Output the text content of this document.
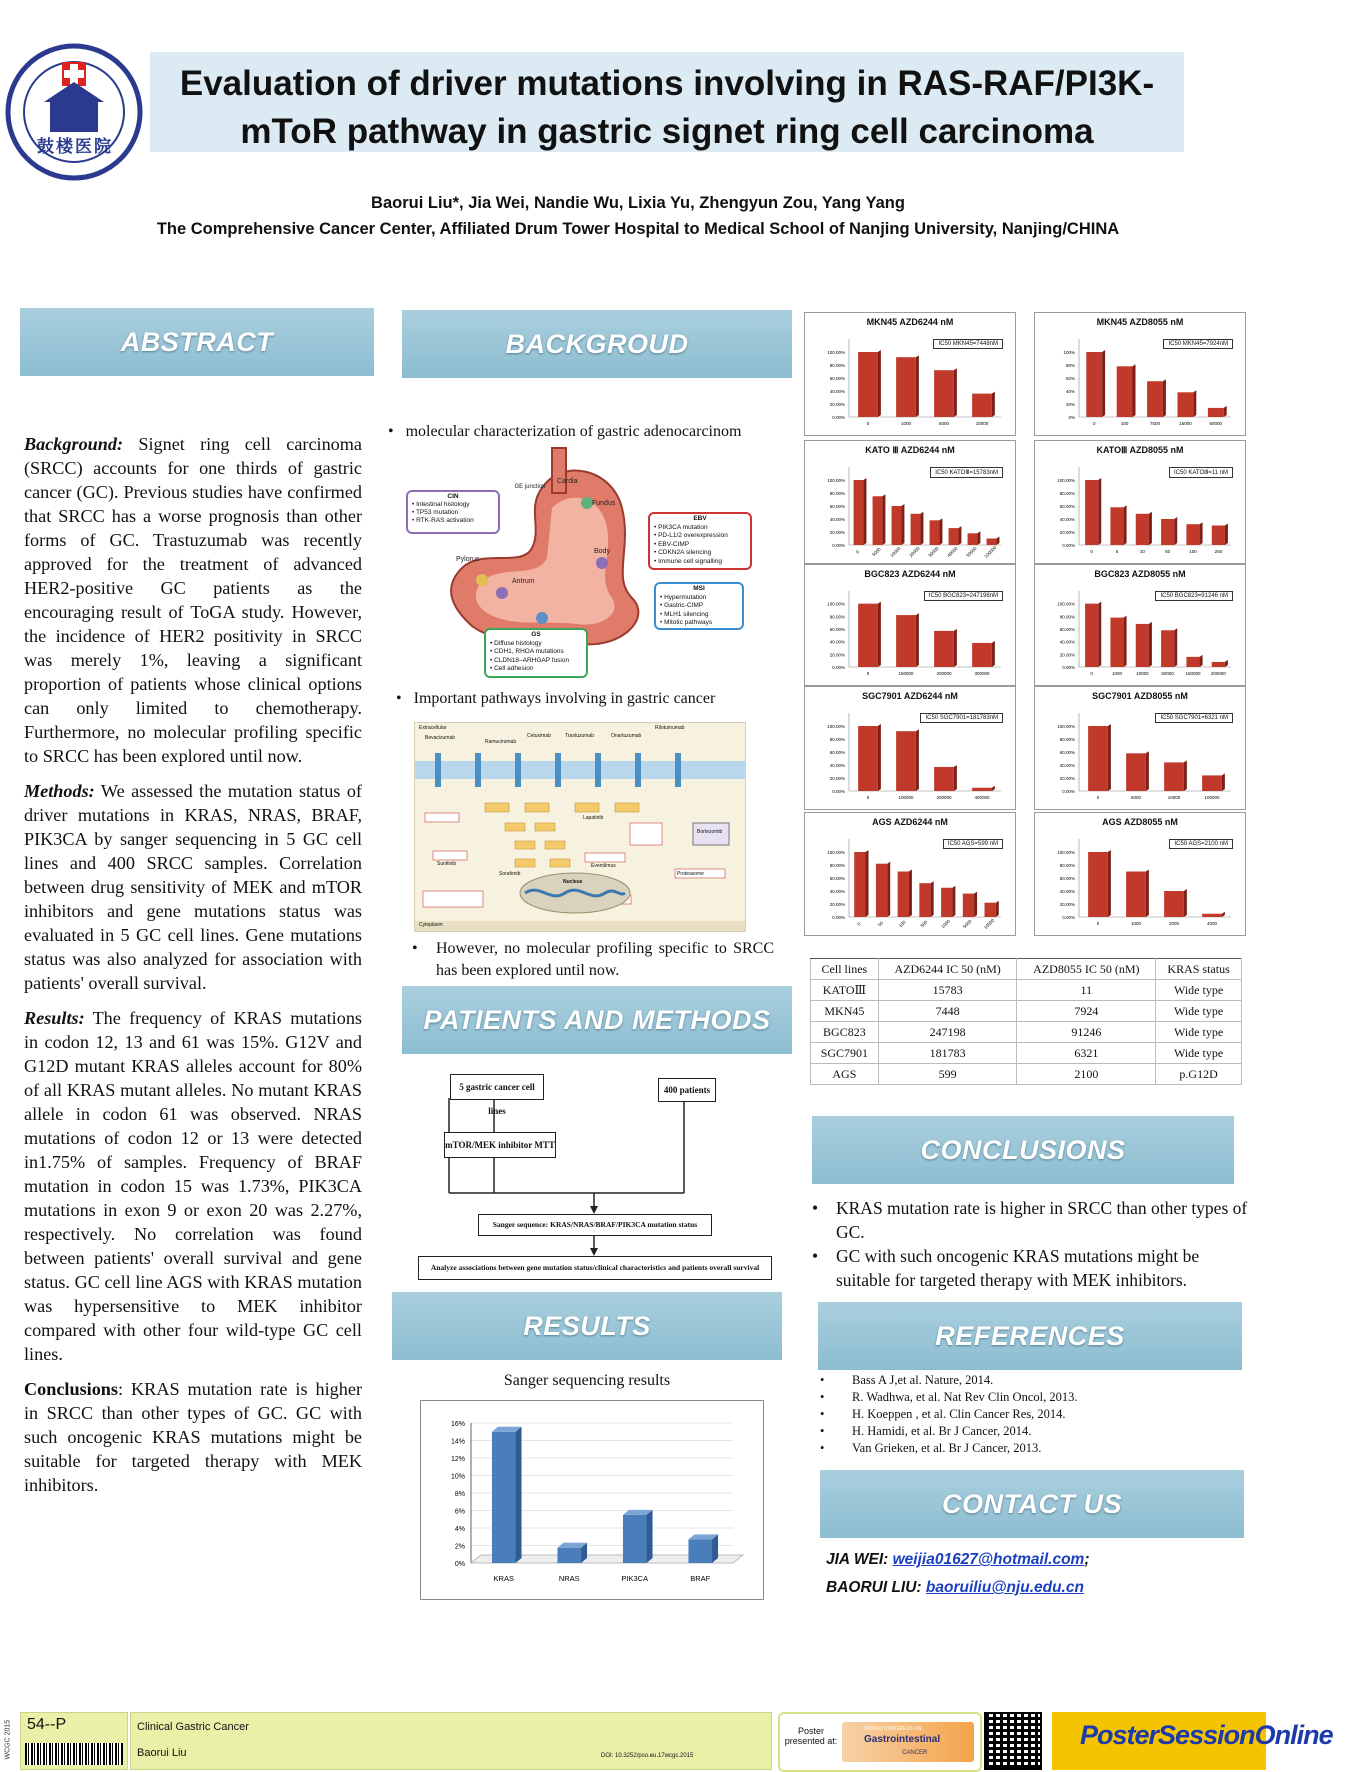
鼓楼医院
Evaluation of driver mutations involving in RAS-RAF/PI3K-mToR pathway in gastric signet ring cell carcinoma
Baorui Liu*, Jia Wei, Nandie Wu, Lixia Yu, Zhengyun Zou, Yang Yang
The Comprehensive Cancer Center, Affiliated Drum Tower Hospital to Medical School of Nanjing University, Nanjing/CHINA
ABSTRACT

Background: Signet ring cell carcinoma (SRCC) accounts for one thirds of gastric cancer (GC). Previous studies have confirmed that SRCC has a worse prognosis than other forms of GC. Trastuzumab was recently approved for the treatment of advanced HER2-positive GC patients as the encouraging result of ToGA study. However, the incidence of HER2 positivity in SRCC was merely 1%, leaving a significant proportion of patients whose clinical options can only limited to chemotherapy. Furthermore, no molecular profiling specific to SRCC has been explored until now.

Methods: We assessed the mutation status of driver mutations in KRAS, NRAS, BRAF, PIK3CA by sanger sequencing in 5 GC cell lines and 400 SRCC samples. Correlation between drug sensitivity of MEK and mTOR inhibitors and gene mutations status was evaluated in 5 GC cell lines. Gene mutations status was also analyzed for association with patients' overall survival.

Results: The frequency of KRAS mutations in codon 12, 13 and 61 was 15%. G12V and G12D mutant KRAS alleles account for 80% of all KRAS mutant alleles. No mutant KRAS allele in codon 61 was observed. NRAS mutations of codon 12 or 13 were detected in1.75% of samples. Frequency of BRAF mutation in codon 15 was 1.73%, PIK3CA mutations in exon 9 or exon 20 was 2.27%, respectively. No correlation was found between patients' overall survival and gene status. GC cell line AGS with KRAS mutation was hypersensitive to MEK inhibitor compared with other four wild-type GC cell lines.

Conclusions: KRAS mutation rate is higher in SRCC than other types of GC. GC with such oncogenic KRAS mutations might be suitable for targeted therapy with MEK inhibitors.

BACKGROUD
•   molecular characterization of gastric adenocarcinom
Cardia
GE junction
Fundus
Body
Pylorus
Antrum
CIN
• Intestinal histology
• TP53 mutation
• RTK-RAS activation	EBV
• PIK3CA mutation
• PD-L1/2 overexpression
• EBV-CIMP
• CDKN2A silencing
• Immune cell signalling
MSI
• Hypermutation
• Gastric-CIMP
• MLH1 silencing
• Mitotic pathways
GS
• Diffuse histology
• CDH1, RHOA mutations
• CLDN18–ARHGAP fusion
• Cell adhesion
•   Important pathways involving in gastric cancer
Extracellular
Bevacizumab
Ramucirumab
Cetuximab	Trastuzumab	Onartuzumab
Rilotumumab
Sunitinib
Sorafenib
Everolimus
Lapatinib
Nucleus
Proteasome
Bortezomib
Cytoplasm
•	However, no molecular profiling specific to SRCC has been explored until now.
PATIENTS AND METHODS
5 gastric cancer cell lines
400 patients
mTOR/MEK inhibitor MTT
Sanger sequence: KRAS/NRAS/BRAF/PIK3CA mutation status
Analyze associations between gene mutation status/clinical characteristics and patients overall survival
RESULTS
Sanger sequencing results
0%
2%
4%
6%
8%
10%
12%
14%
16%
KRAS	NRAS	PIK3CA	BRAF
0.00%
20.00%
40.00%
60.00%
80.00%
100.00%
0	1000	5000	10000
MKN45 AZD6244 nM
IC50 MKN45=7448nM
0%
20%
40%
60%
80%
100%
0	100	7500	15000	60000
MKN45 AZD8055 nM
IC50 MKN45=7924nM
0.00%
20.00%
40.00%
60.00%
80.00%
100.00%
0 5000 10000 20000 30000 40000 50000 100000
KATO Ⅲ AZD6244 nM
IC50 KATOⅢ=15783nM
0.00%
20.00%
40.00%
60.00%
80.00%
100.00%
0	5	10	50	100	250
KATOⅢ AZD8055 nM
IC50 KATOⅢ=11 nM
0.00%
20.00%
40.00%
60.00%
80.00%
100.00%
0	150000	200000	300000
BGC823 AZD6244 nM
IC50 BGC823=247198nM
0.00%
20.00%
40.00%
60.00%
80.00%
100.00%
0	1000	10000	50000	150000 200000
BGC823 AZD8055 nM
IC50 BGC823=91246 nM
0.00%
20.00%
40.00%
60.00%
80.00%
100.00%
0	100000	200000	400000
SGC7901 AZD6244 nM
IC50 SGC7901=181783nM
0.00%
20.00%
40.00%
60.00%
80.00%
100.00%
0	5000	10000	100000
SGC7901 AZD8055 nM
IC50 SGC7901=6321 nM
0.00%
20.00%
40.00%
60.00%
80.00%
100.00%
0	50	100	500	1000 5000 10000
AGS AZD6244 nM
IC50 AGS=599 nM
0.00%
20.00%
40.00%
60.00%
80.00%
100.00%
0	1000	2000	4000
AGS AZD8055 nM
IC50 AGS=2100 nM
Cell lines	AZD6244 IC 50 (nM)	AZD8055 IC 50 (nM)	KRAS status
KATOⅢ	15783	11	Wide type
MKN45	7448	7924	Wide type
BGC823	247198	91246	Wide type
SGC7901	181783	6321	Wide type
AGS	599	2100	p.G12D
CONCLUSIONS
• KRAS mutation rate is higher in SRCC than other types of GC.
• GC with such oncogenic KRAS mutations might be suitable for targeted therapy with MEK inhibitors.
REFERENCES
• Bass A J,et al. Nature, 2014.
• R. Wadhwa, et al. Nat Rev Clin Oncol, 2013.
• H. Koeppen , et al. Clin Cancer Res, 2014.
• H. Hamidi, et al. Br J Cancer, 2014.
• Van Grieken, et al. Br J Cancer, 2013.
CONTACT US
JIA WEI: weijia01627@hotmail.com;
BAORUI LIU: baoruiliu@nju.edu.cn
WCGC 2015 54--P	Clinical Gastric Cancer
Baorui Liu	DOI: 10.3252/pso.eu.17wcgc.2015
Poster
presented at:
WORLD CONGRESS ON
Gastrointestinal
CANCER
PosterSessionOnline.com
